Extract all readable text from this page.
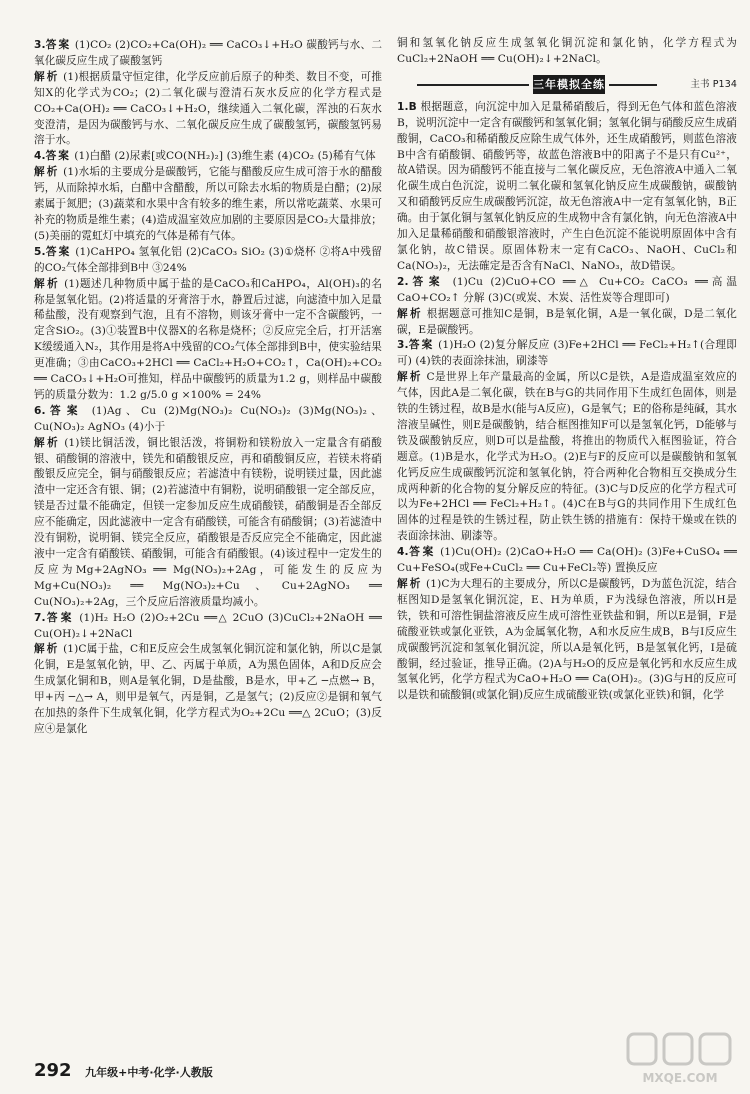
3.答案 (1)CO₂ (2)CO₂+Ca(OH)₂ ══ CaCO₃↓+H₂O 碳酸钙与水、二氧化碳反应生成了碳酸氢钙

解析 (1)根据质量守恒定律，化学反应前后原子的种类、数目不变，可推知X的化学式为CO₂；(2)二氧化碳与澄清石灰水反应的化学方程式是CO₂+Ca(OH)₂ ══ CaCO₃↓+H₂O，继续通入二氧化碳，浑浊的石灰水变澄清，是因为碳酸钙与水、二氧化碳反应生成了碳酸氢钙，碳酸氢钙易溶于水。

4.答案 (1)白醋 (2)尿素[或CO(NH₂)₂] (3)维生素 (4)CO₂ (5)稀有气体

解析 (1)水垢的主要成分是碳酸钙，它能与醋酸反应生成可溶于水的醋酸钙，从而除掉水垢，白醋中含醋酸，所以可除去水垢的物质是白醋；(2)尿素属于氮肥；(3)蔬菜和水果中含有较多的维生素，所以常吃蔬菜、水果可补充的物质是维生素；(4)造成温室效应加剧的主要原因是CO₂大量排放；(5)美丽的霓虹灯中填充的气体是稀有气体。

5.答案 (1)CaHPO₄ 氢氧化铝 (2)CaCO₃ SiO₂ (3)①烧杯 ②将A中残留的CO₂气体全部排到B中 ③24%

解析 (1)题述几种物质中属于盐的是CaCO₃和CaHPO₄，Al(OH)₃的名称是氢氧化铝。(2)将适量的牙膏溶于水，静置后过滤，向滤渣中加入足量稀盐酸，没有观察到气泡，且有不溶物，则该牙膏中一定不含碳酸钙，一定含SiO₂。(3)①装置B中仪器X的名称是烧杯；②反应完全后，打开活塞K缓缓通入N₂，其作用是将A中残留的CO₂气体全部排到B中，使实验结果更准确；③由CaCO₃+2HCl ══ CaCl₂+H₂O+CO₂↑，Ca(OH)₂+CO₂ ══ CaCO₃↓+H₂O可推知，样品中碳酸钙的质量为1.2 g，则样品中碳酸钙的质量分数为：1.2 g/5.0 g ×100% = 24%

6.答案 (1)Ag、Cu (2)Mg(NO₃)₂ Cu(NO₃)₂ (3)Mg(NO₃)₂、Cu(NO₃)₂ AgNO₃ (4)小于

解析 (1)镁比铜活泼，铜比银活泼，将铜粉和镁粉放入一定量含有硝酸银、硝酸铜的溶液中，镁先和硝酸银反应，再和硝酸铜反应，若镁未将硝酸银反应完全，铜与硝酸银反应；若滤渣中有镁粉，说明镁过量，因此滤渣中一定还含有银、铜；(2)若滤渣中有铜粉，说明硝酸银一定全部反应，镁是否过量不能确定，但镁一定参加反应生成硝酸镁，硝酸铜是否全部反应不能确定，因此滤液中一定含有硝酸镁，可能含有硝酸铜；(3)若滤渣中没有铜粉，说明铜、镁完全反应，硝酸银是否反应完全不能确定，因此滤液中一定含有硝酸镁、硝酸铜，可能含有硝酸银。(4)该过程中一定发生的反应为Mg+2AgNO₃ ══ Mg(NO₃)₂+2Ag，可能发生的反应为Mg+Cu(NO₃)₂ ══ Mg(NO₃)₂+Cu、Cu+2AgNO₃ ══ Cu(NO₃)₂+2Ag，三个反应后溶液质量均减小。

7.答案 (1)H₂ H₂O (2)O₂+2Cu ══△ 2CuO (3)CuCl₂+2NaOH ══ Cu(OH)₂↓+2NaCl

解析 (1)C属于盐，C和E反应会生成氢氧化铜沉淀和氯化钠，所以C是氯化铜，E是氢氧化钠，甲、乙、丙属于单质，A为黑色固体，A和D反应会生成氯化铜和B，则A是氧化铜，D是盐酸，B是水，甲+乙 ─点燃→ B，甲+丙 ─△→ A，则甲是氧气，丙是铜，乙是氢气；(2)反应②是铜和氧气在加热的条件下生成氧化铜，化学方程式为O₂+2Cu ══△ 2CuO；(3)反应④是氯化

铜和氢氧化钠反应生成氢氧化铜沉淀和氯化钠，化学方程式为CuCl₂+2NaOH ══ Cu(OH)₂↓+2NaCl。

三年模拟全练	主书 P134

1.B 根据题意，向沉淀中加入足量稀硝酸后，得到无色气体和蓝色溶液B，说明沉淀中一定含有碳酸钙和氢氧化铜；氢氧化铜与硝酸反应生成硝酸铜，CaCO₃和稀硝酸反应除生成气体外，还生成硝酸钙，则蓝色溶液B中含有硝酸铜、硝酸钙等，故蓝色溶液B中的阳离子不是只有Cu²⁺，故A错误。因为硝酸钙不能直接与二氧化碳反应，无色溶液A中通入二氧化碳生成白色沉淀，说明二氧化碳和氢氧化钠反应生成碳酸钠，碳酸钠又和硝酸钙反应生成碳酸钙沉淀，故无色溶液A中一定有氢氧化钠，B正确。由于氯化铜与氢氧化钠反应的生成物中含有氯化钠，向无色溶液A中加入足量稀硝酸和硝酸银溶液时，产生白色沉淀不能说明原固体中含有氯化钠，故C错误。原固体粉末一定有CaCO₃、NaOH、CuCl₂和Ca(NO₃)₂，无法確定是否含有NaCl、NaNO₃，故D错误。

2.答案 (1)Cu (2)CuO+CO ══△ Cu+CO₂ CaCO₃ ══高温 CaO+CO₂↑ 分解 (3)C(或炭、木炭、活性炭等合理即可)

解析 根据题意可推知C是铜，B是氧化铜，A是一氧化碳，D是二氧化碳，E是碳酸钙。

3.答案 (1)H₂O (2)复分解反应 (3)Fe+2HCl ══ FeCl₂+H₂↑(合理即可) (4)铁的表面涂抹油，刷漆等

解析 C是世界上年产量最高的金属，所以C是铁，A是造成温室效应的气体，因此A是二氧化碳，铁在B与G的共同作用下生成红色固体，则是铁的生锈过程，故B是水(能与A反应)，G是氧气；E的俗称是纯碱，其水溶液呈碱性，则E是碳酸钠，结合框图推知F可以是氢氧化钙，D能够与铁及碳酸钠反应，则D可以是盐酸，将推出的物质代入框图验证，符合题意。(1)B是水，化学式为H₂O。(2)E与F的反应可以是碳酸钠和氢氧化钙反应生成碳酸钙沉淀和氢氧化钠，符合两种化合物相互交换成分生成两种新的化合物的复分解反应的特征。(3)C与D反应的化学方程式可以为Fe+2HCl ══ FeCl₂+H₂↑。(4)C在B与G的共同作用下生成红色固体的过程是铁的生锈过程，防止铁生锈的措施有：保持干燥或在铁的表面涂抹油、刷漆等。

4.答案 (1)Cu(OH)₂ (2)CaO+H₂O ══ Ca(OH)₂ (3)Fe+CuSO₄ ══ Cu+FeSO₄(或Fe+CuCl₂ ══ Cu+FeCl₂等) 置换反应

解析 (1)C为大理石的主要成分，所以C是碳酸钙，D为蓝色沉淀，结合框图知D是氢氧化铜沉淀，E、H为单质，F为浅绿色溶液，所以H是铁，铁和可溶性铜盐溶液反应生成可溶性亚铁盐和铜，所以E是铜，F是硫酸亚铁或氯化亚铁，A为金属氧化物，A和水反应生成B，B与I反应生成碳酸钙沉淀和氢氧化铜沉淀，所以A是氧化钙，B是氢氧化钙，I是硫酸铜，经过验证，推导正确。(2)A与H₂O的反应是氧化钙和水反应生成氢氧化钙，化学方程式为CaO+H₂O ══ Ca(OH)₂。(3)G与H的反应可以是铁和硫酸铜(或氯化铜)反应生成硫酸亚铁(或氯化亚铁)和铜，化学

292 九年级+中考·化学·人教版	MXQE.COM
